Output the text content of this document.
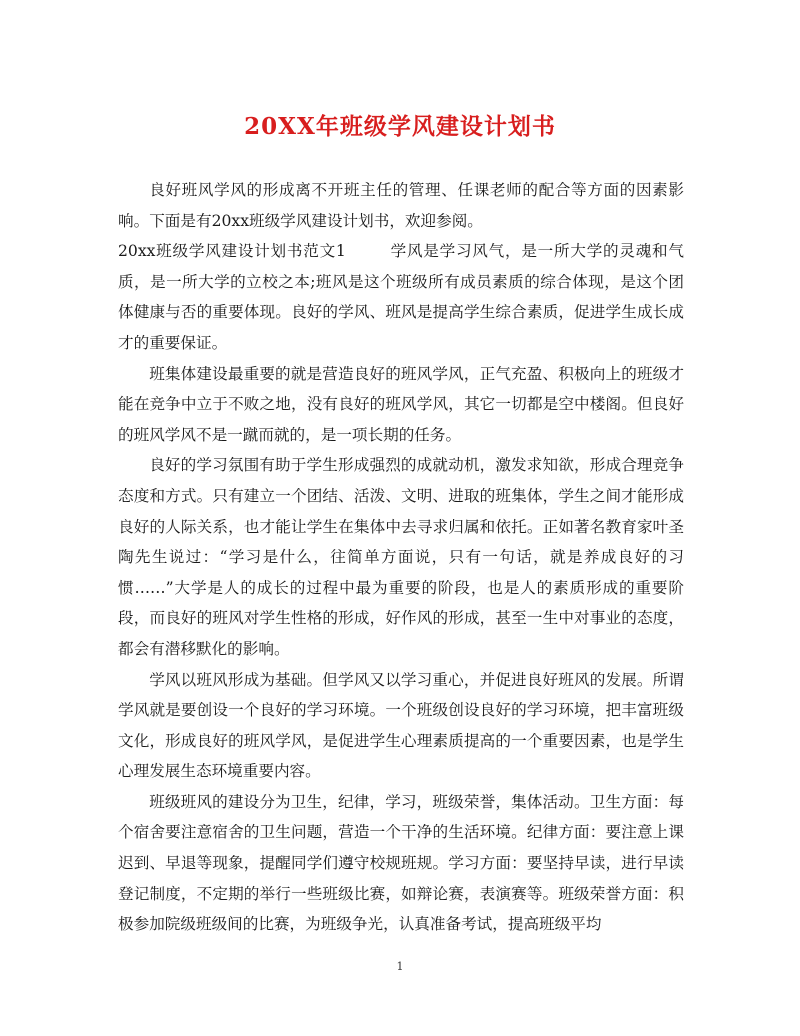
20XX年班级学风建设计划书

良好班风学风的形成离不开班主任的管理、任课老师的配合等方面的因素影响。下面是有20xx班级学风建设计划书，欢迎参阅。

20xx班级学风建设计划书范文1	学风是学习风气，是一所大学的灵魂和气质，是一所大学的立校之本;班风是这个班级所有成员素质的综合体现，是这个团体健康与否的重要体现。良好的学风、班风是提高学生综合素质，促进学生成长成才的重要保证。

班集体建设最重要的就是营造良好的班风学风，正气充盈、积极向上的班级才能在竞争中立于不败之地，没有良好的班风学风，其它一切都是空中楼阁。但良好的班风学风不是一蹴而就的，是一项长期的任务。

良好的学习氛围有助于学生形成强烈的成就动机，激发求知欲，形成合理竞争态度和方式。只有建立一个团结、活泼、文明、进取的班集体，学生之间才能形成良好的人际关系，也才能让学生在集体中去寻求归属和依托。正如著名教育家叶圣陶先生说过：“学习是什么，往简单方面说，只有一句话，就是养成良好的习惯……”大学是人的成长的过程中最为重要的阶段，也是人的素质形成的重要阶段，而良好的班风对学生性格的形成，好作风的形成，甚至一生中对事业的态度，都会有潜移默化的影响。

学风以班风形成为基础。但学风又以学习重心，并促进良好班风的发展。所谓学风就是要创设一个良好的学习环境。一个班级创设良好的学习环境，把丰富班级文化，形成良好的班风学风，是促进学生心理素质提高的一个重要因素，也是学生心理发展生态环境重要内容。

班级班风的建设分为卫生，纪律，学习，班级荣誉，集体活动。卫生方面：每个宿舍要注意宿舍的卫生问题，营造一个干净的生活环境。纪律方面：要注意上课迟到、早退等现象，提醒同学们遵守校规班规。学习方面：要坚持早读，进行早读登记制度，不定期的举行一些班级比赛，如辩论赛，表演赛等。班级荣誉方面：积极参加院级班级间的比赛，为班级争光，认真准备考试，提高班级平均

1
